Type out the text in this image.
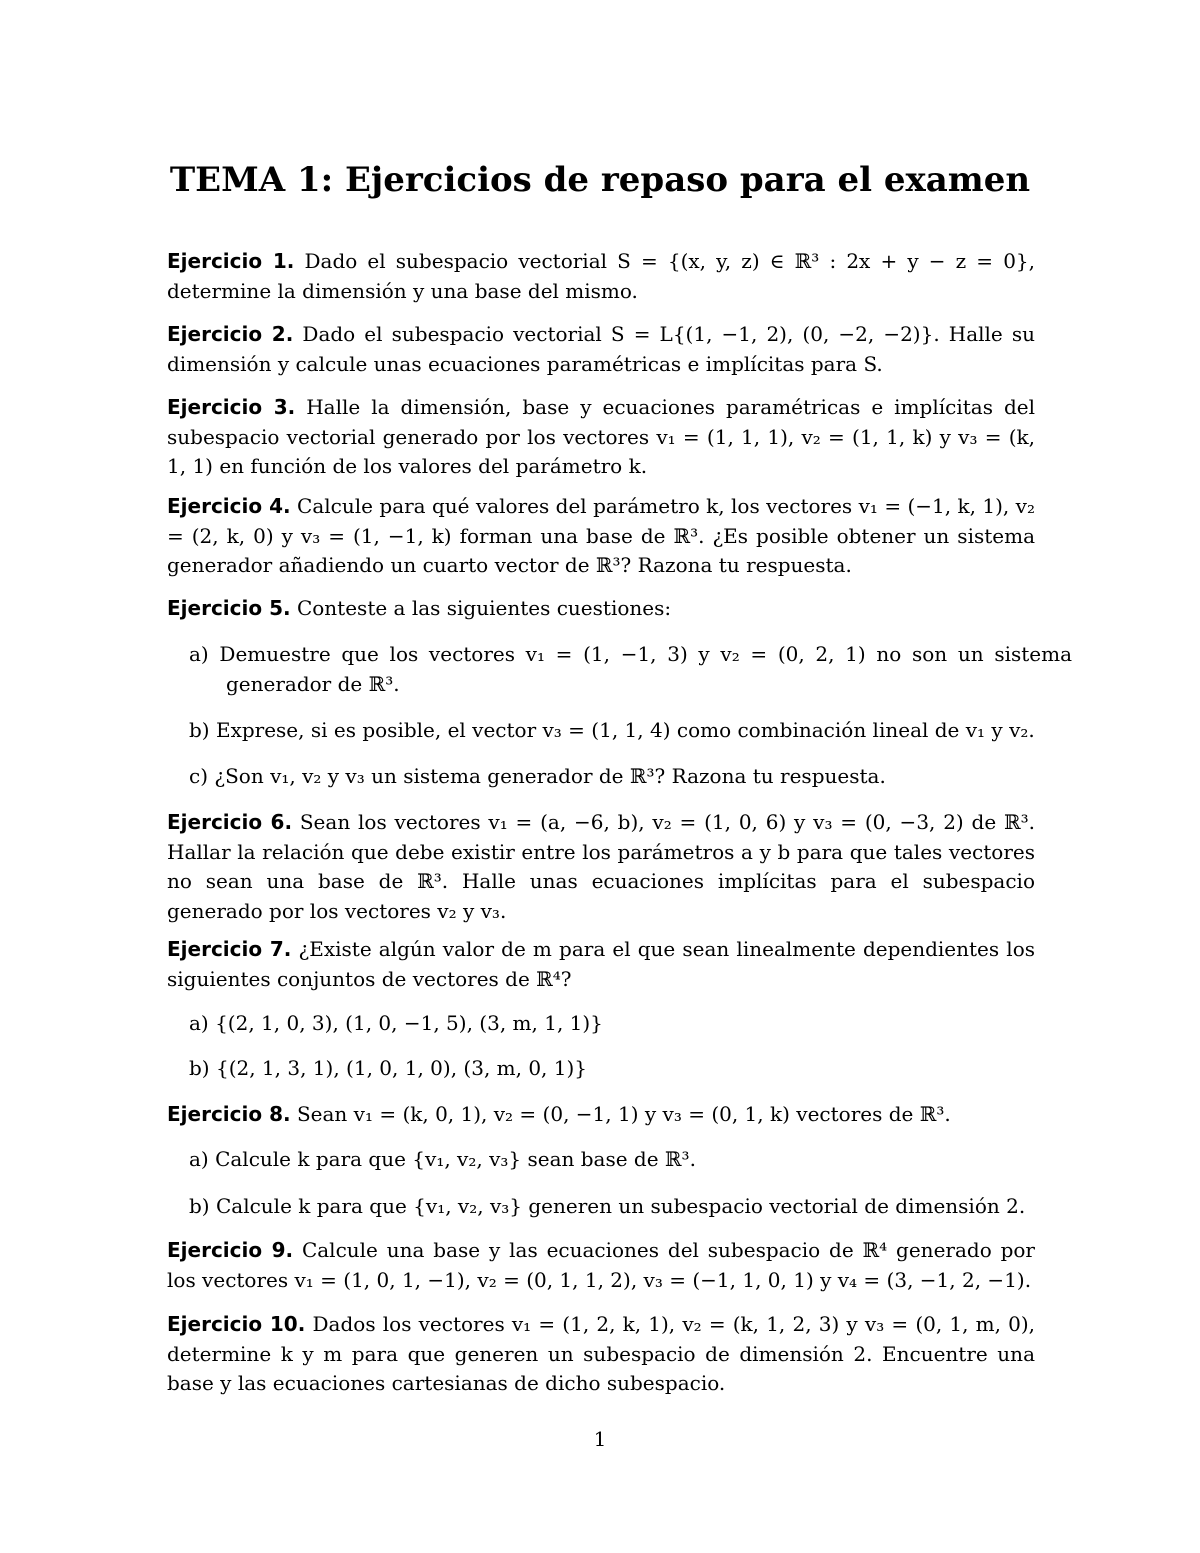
TEMA 1: Ejercicios de repaso para el examen

Ejercicio 1. Dado el subespacio vectorial S = {(x, y, z) ∈ ℝ³ : 2x + y − z = 0}, determine la dimensión y una base del mismo.

Ejercicio 2. Dado el subespacio vectorial S = L{(1, −1, 2), (0, −2, −2)}. Halle su dimensión y calcule unas ecuaciones paramétricas e implícitas para S.

Ejercicio 3. Halle la dimensión, base y ecuaciones paramétricas e implícitas del subespacio vectorial generado por los vectores v₁ = (1, 1, 1), v₂ = (1, 1, k) y v₃ = (k, 1, 1) en función de los valores del parámetro k.

Ejercicio 4. Calcule para qué valores del parámetro k, los vectores v₁ = (−1, k, 1), v₂ = (2, k, 0) y v₃ = (1, −1, k) forman una base de ℝ³. ¿Es posible obtener un sistema generador añadiendo un cuarto vector de ℝ³? Razona tu respuesta.

Ejercicio 5. Conteste a las siguientes cuestiones:

a) Demuestre que los vectores v₁ = (1, −1, 3) y v₂ = (0, 2, 1) no son un sistema generador de ℝ³.

b) Exprese, si es posible, el vector v₃ = (1, 1, 4) como combinación lineal de v₁ y v₂.

c) ¿Son v₁, v₂ y v₃ un sistema generador de ℝ³? Razona tu respuesta.

Ejercicio 6. Sean los vectores v₁ = (a, −6, b), v₂ = (1, 0, 6) y v₃ = (0, −3, 2) de ℝ³. Hallar la relación que debe existir entre los parámetros a y b para que tales vectores no sean una base de ℝ³. Halle unas ecuaciones implícitas para el subespacio generado por los vectores v₂ y v₃.

Ejercicio 7. ¿Existe algún valor de m para el que sean linealmente dependientes los siguientes conjuntos de vectores de ℝ⁴?

a) {(2, 1, 0, 3), (1, 0, −1, 5), (3, m, 1, 1)}

b) {(2, 1, 3, 1), (1, 0, 1, 0), (3, m, 0, 1)}

Ejercicio 8. Sean v₁ = (k, 0, 1), v₂ = (0, −1, 1) y v₃ = (0, 1, k) vectores de ℝ³.

a) Calcule k para que {v₁, v₂, v₃} sean base de ℝ³.

b) Calcule k para que {v₁, v₂, v₃} generen un subespacio vectorial de dimensión 2.

Ejercicio 9. Calcule una base y las ecuaciones del subespacio de ℝ⁴ generado por los vectores v₁ = (1, 0, 1, −1), v₂ = (0, 1, 1, 2), v₃ = (−1, 1, 0, 1) y v₄ = (3, −1, 2, −1).

Ejercicio 10. Dados los vectores v₁ = (1, 2, k, 1), v₂ = (k, 1, 2, 3) y v₃ = (0, 1, m, 0), determine k y m para que generen un subespacio de dimensión 2. Encuentre una base y las ecuaciones cartesianas de dicho subespacio.

1
